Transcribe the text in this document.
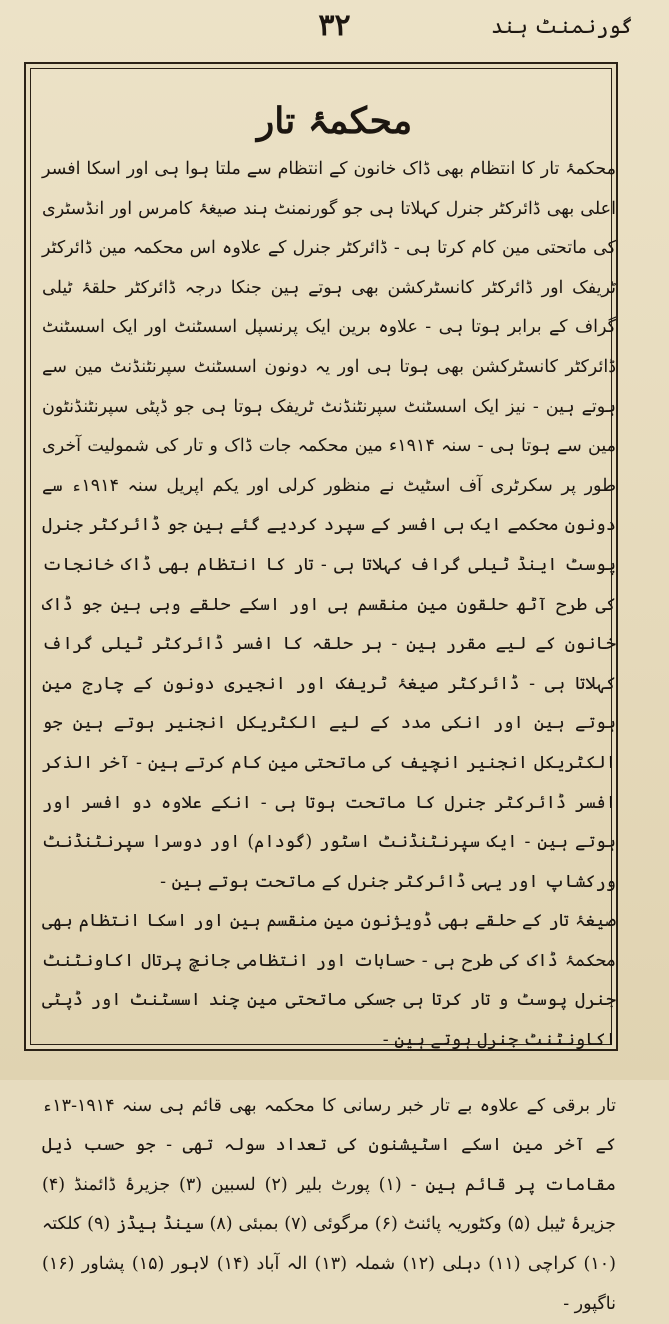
گورنمنٹ ہند
۳۲
محکمۂ تار

محکمۂ تار کا انتظام بھی ڈاک خانون کے انتظام سے ملتا ہوا ہی اور اسکا افسر اعلی بھی ڈائرکٹر جنرل کہلاتا ہی جو گورنمنٹ ہند صیغۂ کامرس اور انڈسٹری کی ماتحتی مین کام کرتا ہی - ڈائرکٹر جنرل کے علاوہ اس محکمہ مین ڈائرکٹر ٹریفک اور ڈائرکٹر کانسٹرکشن بھی ہوتے ہین جنکا درجہ ڈائرکٹر حلقۂ ٹیلی گراف کے برابر ہوتا ہی - علاوہ برین ایک پرنسپل اسسٹنٹ اور ایک اسسٹنٹ ڈائرکٹر کانسٹرکشن بھی ہوتا ہی اور یہ دونون اسسٹنٹ سپرنٹنڈنٹ مین سے ہوتے ہین - نیز ایک اسسٹنٹ سپرنٹنڈنٹ ٹریفک ہوتا ہی جو ڈپٹی سپرنٹنڈنٹون مین سے ہوتا ہی - سنہ ۱۹۱۴ء مین محکمہ جات ڈاک و تار کی شمولیت آخری طور پر سکرٹری آف اسٹیٹ نے منظور کرلی اور یکم اپریل سنہ ۱۹۱۴ء سے دونون محکمے ایک ہی افسر کے سپرد کردیے گئے ہین جو ڈائرکٹر جنرل پوسٹ اینڈ ٹیلی گراف کہلاتا ہی - تار کا انتظام بھی ڈاک خانجات کی طرح آٹھ حلقون مین منقسم ہی اور اسکے حلقے وہی ہین جو ڈاک خانون کے لیے مقرر ہین - ہر حلقہ کا افسر ڈائرکٹر ٹیلی گراف کہلاتا ہی - ڈائرکٹر صیغۂ ٹریفک اور انجیری دونون کے چارج مین ہوتے ہین اور انکی مدد کے لیے الکٹریکل انجنیر ہوتے ہین جو الکٹریکل انجنیر انچیف کی ماتحتی مین کام کرتے ہین - آخر الذکر افسر ڈائرکٹر جنرل کا ماتحت ہوتا ہی - انکے علاوہ دو افسر اور ہوتے ہین - ایک سپرنٹنڈنٹ اسٹور (گودام) اور دوسرا سپرنٹنڈنٹ ورکشاپ اور یہی ڈائرکٹر جنرل کے ماتحت ہوتے ہین -

صیغۂ تار کے حلقے بھی ڈویژنون مین منقسم ہین اور اسکا انتظام بھی محکمۂ ڈاک کی طرح ہی - حسابات اور انتظامی جانچ پرتال اکاونٹنٹ جنرل پوسٹ و تار کرتا ہی جسکی ماتحتی مین چند اسسٹنٹ اور ڈپٹی اکاونٹنٹ جنرل ہوتے ہین -

تار برقی کے علاوہ بے تار خبر رسانی کا محکمہ بھی قائم ہی سنہ ۱۹۱۴-۱۳ء کے آخر مین اسکے اسٹیشنون کی تعداد سولہ تھی - جو حسب ذیل مقامات پر قائم ہین - (۱) پورٹ بلیر (۲) لسبین (۳) جزیرۂ ڈائمنڈ (۴) جزیرۂ ٹیبل (۵) وکٹوریہ پائنٹ (۶) مرگوئی (۷) بمبئی (۸) سینڈ ہیڈز (۹) کلکتہ (۱۰) کراچی (۱۱) دہلی (۱۲) شملہ (۱۳) الہ آباد (۱۴) لاہور (۱۵) پشاور (۱۶) ناگپور -
